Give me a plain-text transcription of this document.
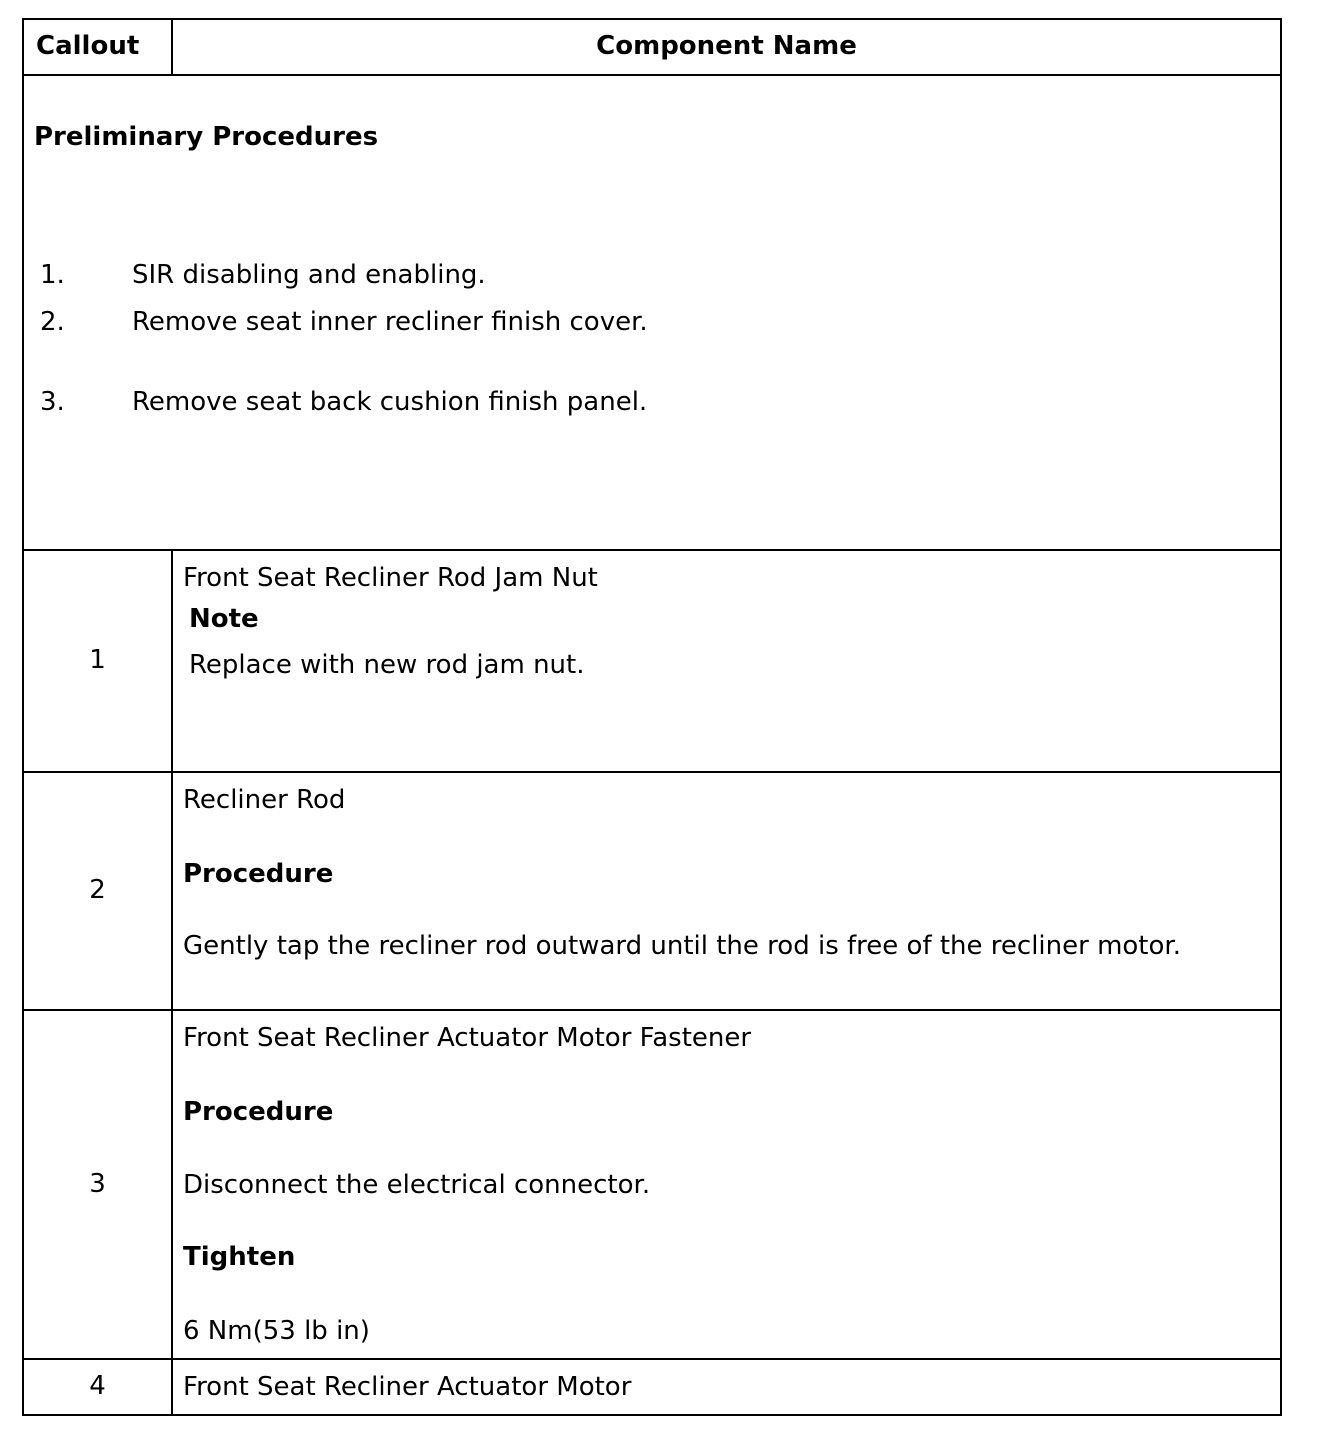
Callout	Component Name

Preliminary Procedures

1. SIR disabling and enabling.

2. Remove seat inner recliner finish cover.

3. Remove seat back cushion finish panel.	

1	Front Seat Recliner Rod Jam Nut

Note

Replace with new rod jam nut.

2	Recliner Rod

Procedure

Gently tap the recliner rod outward until the rod is free of the recliner motor.

3	Front Seat Recliner Actuator Motor Fastener

Procedure

Disconnect the electrical connector.

Tighten

6 Nm(53 lb in)

4	Front Seat Recliner Actuator Motor
